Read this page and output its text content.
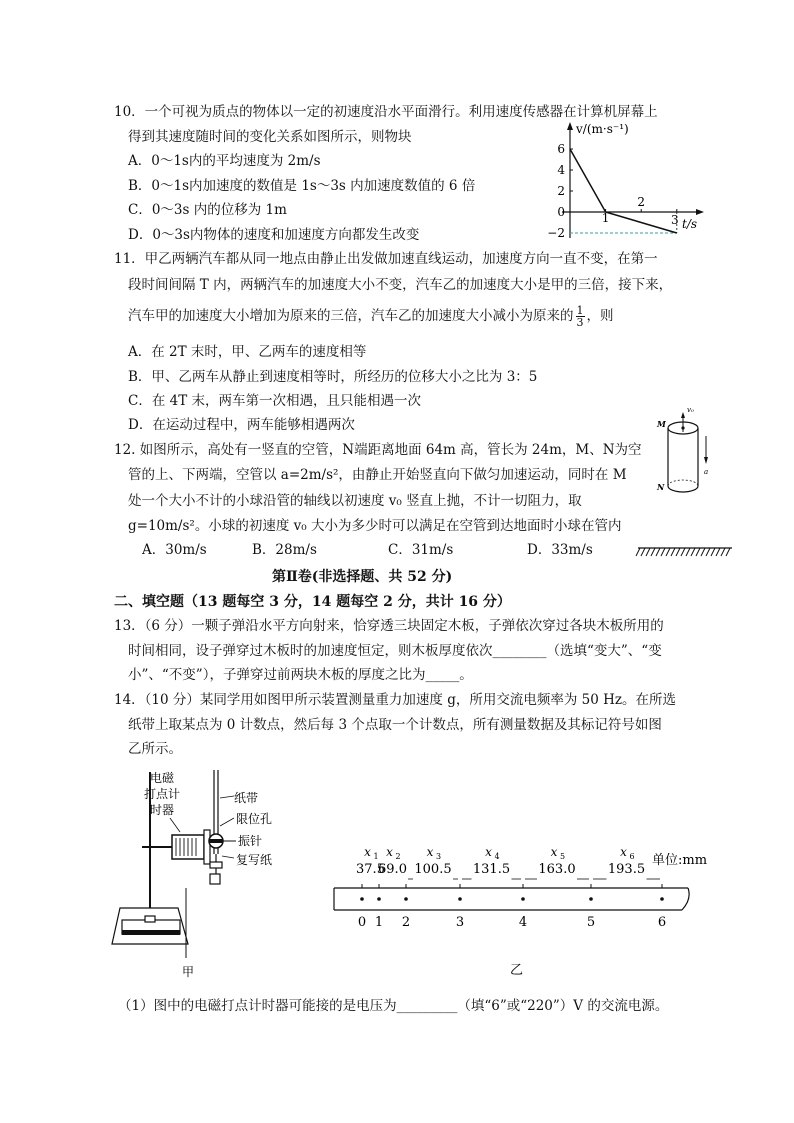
10．一个可视为质点的物体以一定的初速度沿水平面滑行。利用速度传感器在计算机屏幕上
得到其速度随时间的变化关系如图所示，则物块
A．0～1s内的平均速度为 2m/s
B．0～1s内加速度的数值是 1s～3s 内加速度数值的 6 倍
C．0～3s 内的位移为 1m
D．0～3s内物体的速度和加速度方向都发生改变
v/(m·s⁻¹)
t/s
6
4
2
0
−2
1
2
3
11．甲乙两辆汽车都从同一地点由静止出发做加速直线运动，加速度方向一直不变，在第一
段时间间隔 T 内，两辆汽车的加速度大小不变，汽车乙的加速度大小是甲的三倍，接下来，
汽车甲的加速度大小增加为原来的三倍，汽车乙的加速度大小减小为原来的 $\frac{1}{3}$ ，则
A．在 2T 末时，甲、乙两车的速度相等
B．甲、乙两车从静止到速度相等时，所经历的位移大小之比为 3：5
C．在 4T 末，两车第一次相遇，且只能相遇一次
D．在运动过程中，两车能够相遇两次
12. 如图所示，高处有一竖直的空管，N端距离地面 64m 高，管长为 24m，M、N为空
管的上、下两端，空管以 a=2m/s²，由静止开始竖直向下做匀加速运动，同时在 M
处一个大小不计的小球沿管的轴线以初速度 v₀ 竖直上抛，不计一切阻力，取
g=10m/s²。小球的初速度 v₀ 大小为多少时可以满足在空管到达地面时小球在管内
A．30m/s	B．28m/s	C．31m/s	D．33m/s
v₀
M
N
a
第Ⅱ卷(非选择题、共 52 分)
二、填空题（13 题每空 3 分，14 题每空 2 分，共计 16 分）
13．（6 分）一颗子弹沿水平方向射来，恰穿透三块固定木板，子弹依次穿过各块木板所用的
时间相同，设子弹穿过木板时的加速度恒定，则木板厚度依次________（选填“变大”、“变
小”、“不变”），子弹穿过前两块木板的厚度之比为_____。
14．（10 分）某同学用如图甲所示装置测量重力加速度 g，所用交流电频率为 50 Hz。在所选
纸带上取某点为 0 计数点，然后每 3 个点取一个计数点，所有测量数据及其标记符号如图
乙所示。
电磁
打点计
时器
纸带
限位孔
振针
复写纸
甲
0 1 2	3	4	5	6
x 1
37.5
x 2
69.0
x 3
100.5
x 4
131.5
x 5
163.0
x 6
193.5
单位:mm
乙
（1）图中的电磁打点计时器可能接的是电压为_________（填“6”或“220”）V 的交流电源。
